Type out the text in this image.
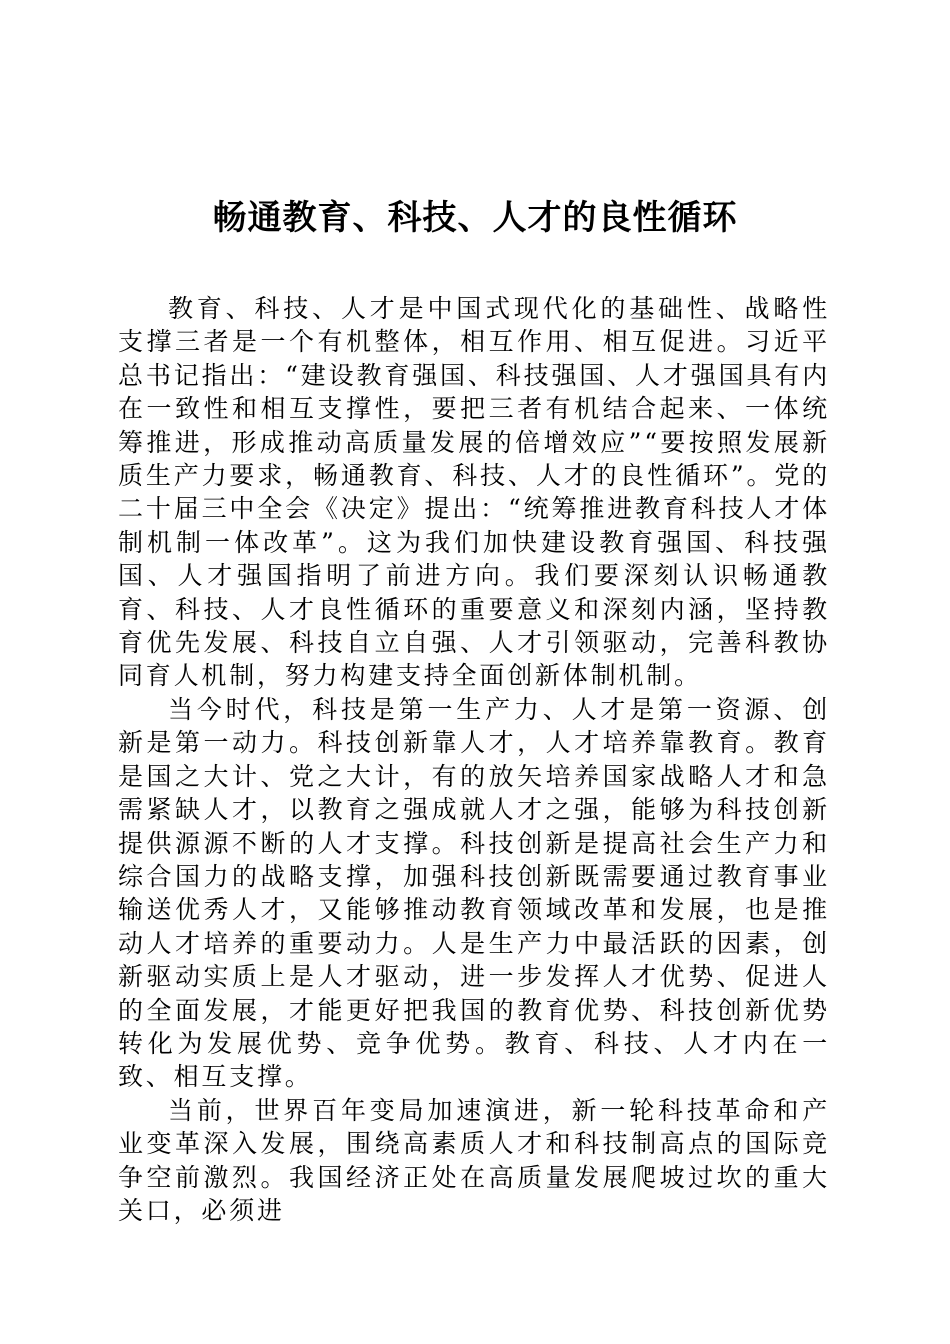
畅通教育、科技、人才的良性循环

教育、科技、人才是中国式现代化的基础性、战略性支撑三者是一个有机整体，相互作用、相互促进。习近平总书记指出：“建设教育强国、科技强国、人才强国具有内在一致性和相互支撑性，要把三者有机结合起来、一体统筹推进，形成推动高质量发展的倍增效应”“要按照发展新质生产力要求，畅通教育、科技、人才的良性循环”。党的二十届三中全会《决定》提出：“统筹推进教育科技人才体制机制一体改革”。这为我们加快建设教育强国、科技强国、人才强国指明了前进方向。我们要深刻认识畅通教育、科技、人才良性循环的重要意义和深刻内涵，坚持教育优先发展、科技自立自强、人才引领驱动，完善科教协同育人机制，努力构建支持全面创新体制机制。

当今时代，科技是第一生产力、人才是第一资源、创新是第一动力。科技创新靠人才，人才培养靠教育。教育是国之大计、党之大计，有的放矢培养国家战略人才和急需紧缺人才，以教育之强成就人才之强，能够为科技创新提供源源不断的人才支撑。科技创新是提高社会生产力和综合国力的战略支撑，加强科技创新既需要通过教育事业输送优秀人才，又能够推动教育领域改革和发展，也是推动人才培养的重要动力。人是生产力中最活跃的因素，创新驱动实质上是人才驱动，进一步发挥人才优势、促进人的全面发展，才能更好把我国的教育优势、科技创新优势转化为发展优势、竞争优势。教育、科技、人才内在一致、相互支撑。

当前，世界百年变局加速演进，新一轮科技革命和产业变革深入发展，围绕高素质人才和科技制高点的国际竞争空前激烈。我国经济正处在高质量发展爬坡过坎的重大关口，必须进
